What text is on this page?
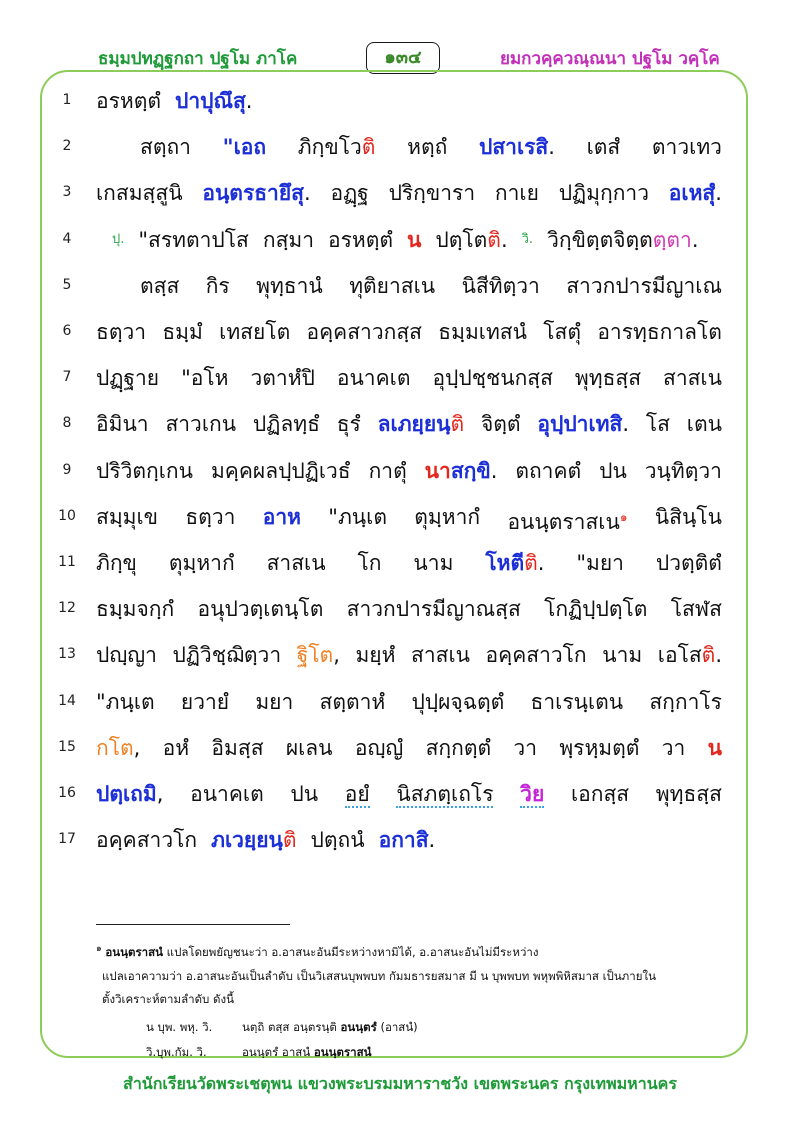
ธมฺมปทฏฺฐกถา ปฐโม ภาโค	๑๓๔	ยมกวคฺควณฺณนา ปฐโม วคฺโค
1	อรหตฺตํ ปาปุณึสุ.
2	สตฺถา "เอถ ภิกฺขโวติ หตฺถํ ปสาเรสิ. เตสํ ตาวเทว
3	เกสมสฺสูนิ อนฺตรธายึสุ. อฏฺฐ ปริกฺขารา กาเย ปฏิมุกฺกาว อเหสุํ.
4	$^{ปุ.}$ "สรทตาปโส กสฺมา อรหตฺตํ น ปตฺโตติ. $^{วิ.}$ วิกฺขิตฺตจิตฺตตฺตา.
5	ตสฺส กิร พุทฺธานํ ทุติยาสเน นิสีทิตฺวา สาวกปารมีญาเณ
6	ธตฺวา ธมฺมํ เทสยโต อคฺคสาวกสฺส ธมฺมเทสนํ โสตุํ อารทฺธกาลโต
7	ปฏฺฐาย "อโห วตาหํปิ อนาคเต อุปฺปชฺชนกสฺส พุทฺธสฺส สาสเน
8	อิมินา สาวเกน ปฏิลทฺธํ ธุรํ ลเภยฺยนฺติ จิตฺตํ อุปฺปาเทสิ. โส เตน
9	ปริวิตกฺเกน มคฺคผลปฺปฏิเวธํ กาตุํ นาสกฺขิ. ตถาคตํ ปน วนฺทิตฺวา
10 สมฺมุเข ธตฺวา อาห "ภนฺเต ตุมฺหากํ อนนฺตราสเน$^๑$ นิสินฺโน
11 ภิกฺขุ ตุมฺหากํ สาสเน โก นาม โหตีติ. "มยา ปวตฺติตํ
12 ธมฺมจกฺกํ อนุปวตฺเตนฺโต สาวกปารมีญาณสฺส โกฏิปฺปตฺโต โสฬส
13 ปญฺญา ปฏิวิชฺฌิตฺวา ฐิโต, มยฺหํ สาสเน อคฺคสาวโก นาม เอโสติ.
14 "ภนฺเต ยวายํ มยา สตฺตาหํ ปุปฺผจฺฉตฺตํ ธาเรนฺเตน สกฺกาโร
15 กโต, อหํ อิมสฺส ผเลน อญฺญํ สกฺกตฺตํ วา พฺรหฺมตฺตํ วา น
16 ปตฺเถมิ, อนาคเต ปน อยํ นิสภตฺเถโร วิย เอกสฺส พุทฺธสฺส
17 อคฺคสาวโก ภเวยฺยนฺติ ปตฺถนํ อกาสิ.
$^๑$ อนนฺตราสนํ แปลโดยพยัญชนะว่า อ.อาสนะอันมีระหว่างหามิได้, อ.อาสนะอันไม่มีระหว่าง
แปลเอาความว่า อ.อาสนะอันเป็นลำดับ เป็นวิเสสนบุพพบท กัมมธารยสมาส มี น บุพพบท พหุพพิหิสมาส เป็นภายใน
ตั้งวิเคราะห์ตามลำดับ ดังนี้
น บุพ. พหุ. วิ.	นตฺถิ ตสฺส อนฺตรนฺติ อนนฺตรํ (อาสนํ)
วิ.บุพ.กัม. วิ.	อนนฺตรํ อาสนํ อนนฺตราสนํ
สำนักเรียนวัดพระเชตุพน แขวงพระบรมมหาราชวัง เขตพระนคร กรุงเทพมหานคร
